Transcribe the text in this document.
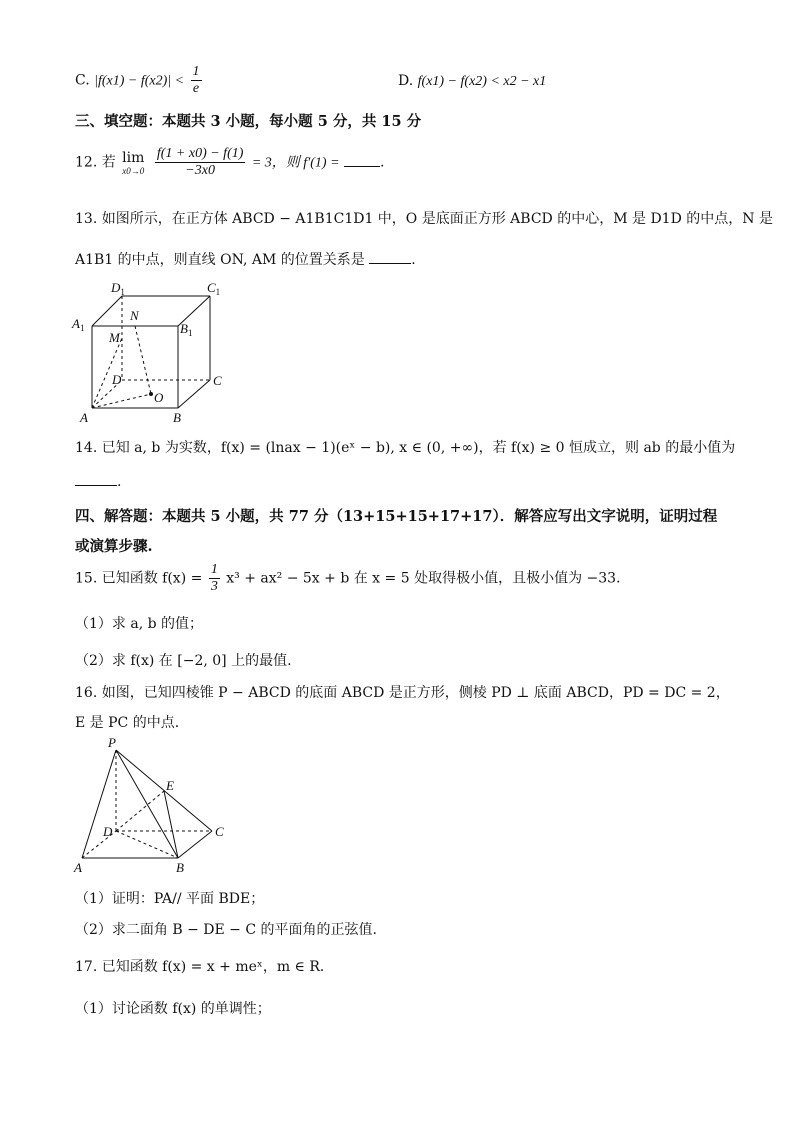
C. $|f(x1) - f(x2)| < \frac{1}{e}$	D. f(x1) − f(x2) < x2 − x1
三、填空题：本题共 3 小题，每小题 5 分，共 15 分
12. 若 lim
x0→0
$\frac{f(1 + x0) - f(1)}{-3x0} = 3$，则 f′(1) =	.
13. 如图所示，在正方体 ABCD − A1B1C1D1 中，O 是底面正方形 ABCD 的中心，M 是 D1D 的中点，N 是
A1B1 的中点，则直线 ON, AM 的位置关系是	.
$D_1$	$C_1$
$A_1$	$B_1$
N
M
D	C
O
A	B
14. 已知 a, b 为实数，f(x) = (lnax − 1)(eˣ − b), x ∈ (0, +∞)，若 f(x) ≥ 0 恒成立，则 ab 的最小值为
.
四、解答题：本题共 5 小题，共 77 分（13+15+15+17+17）．解答应写出文字说明，证明过程
或演算步骤.
15. 已知函数 $f(x) = \frac{1}{3} x^3 + ax^2 - 5x + b$ 在 x = 5 处取得极小值，且极小值为 −33．
（1）求 a, b 的值；
（2）求 f(x) 在 [−2, 0] 上的最值.
16. 如图，已知四棱锥 P − ABCD 的底面 ABCD 是正方形，侧棱 PD ⊥ 底面 ABCD，PD = DC = 2，
E 是 PC 的中点．
P
E
D	C
A	B
（1）证明：PA// 平面 BDE；
（2）求二面角 B − DE − C 的平面角的正弦值.
17. 已知函数 f(x) = x + meˣ，m ∈ R．
（1）讨论函数 f(x) 的单调性；
